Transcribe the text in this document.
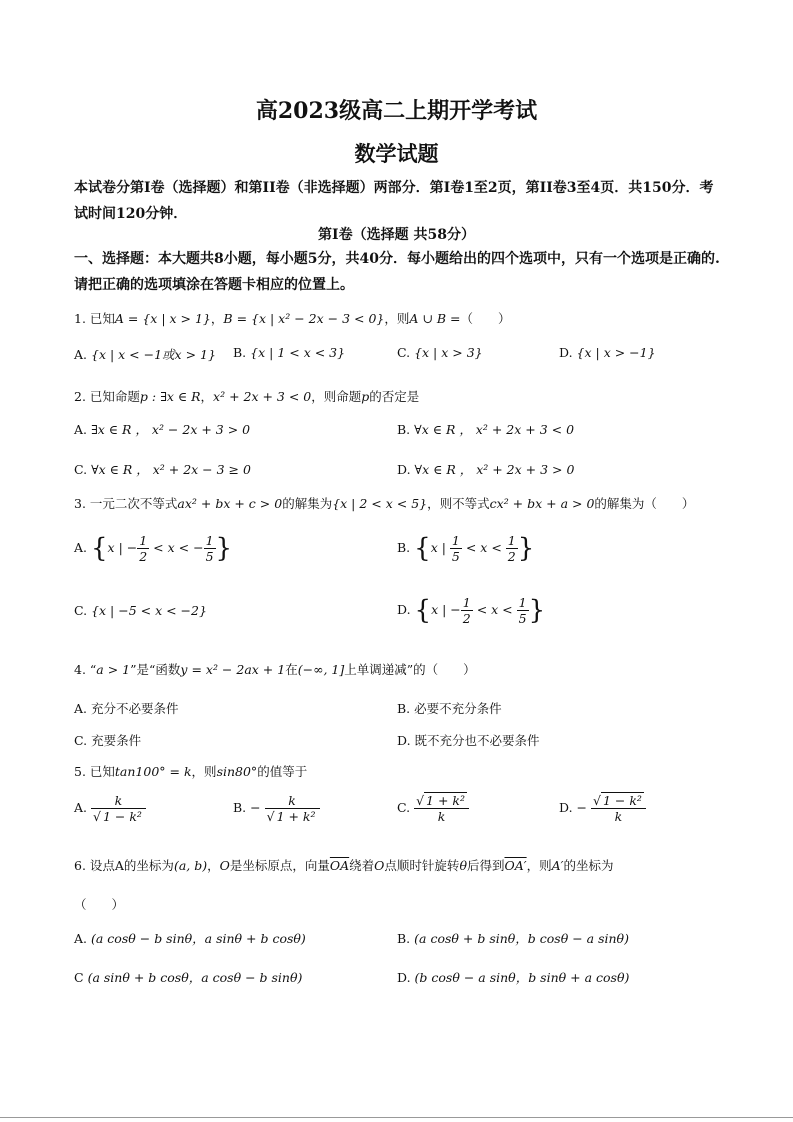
高2023级高二上期开学考试
数学试题
本试卷分第I卷（选择题）和第II卷（非选择题）两部分．第I卷1至2页，第II卷3至4页．共150分．考试时间120分钟．
第I卷（选择题 共58分）
一、选择题：本大题共8小题，每小题5分，共40分．每小题给出的四个选项中，只有一个选项是正确的.请把正确的选项填涂在答题卡相应的位置上。
1. 已知A = {x | x > 1}，B = {x | x² − 2x − 3 < 0}，则A ∪ B =（　　）
A. {x | x < −1或x > 1} B. {x | 1 < x < 3}	C. {x | x > 3}	D. {x | x > −1}
2. 已知命题p : ∃x ∈ R，x² + 2x + 3 < 0，则命题p的否定是
A. ∃x ∈ R ， x² − 2x + 3 > 0	B. ∀x ∈ R ， x² + 2x + 3 < 0
C. ∀x ∈ R ， x² + 2x − 3 ≥ 0	D. ∀x ∈ R ， x² + 2x + 3 > 0
3. 一元二次不等式ax² + bx + c > 0的解集为{x | 2 < x < 5}，则不等式cx² + bx + a > 0的解集为（　　）
A. {x | − $\frac{1}{2} < x$ < − $\frac{1}{5}$ }	B. {x | $\frac{1}{5} < x < \frac{1}{2}$ }
C. {x | −5 < x < −2}	D. {x | − $\frac{1}{2} < x < \frac{1}{5}$ }
4. “a > 1”是“函数y = x² − 2ax + 1在(−∞, 1]上单调递减”的（　　）
A. 充分不必要条件	B. 必要不充分条件
C. 充要条件	D. 既不充分也不必要条件
5. 已知tan100° = k，则sin80°的值等于
A. $\frac{k}{\text{√ 1 − k²}}$	B. − $\frac{k}{\text{√ 1 + k²}}$	C. $\frac{\text{√ 1 + k²}}{k}$	D. − $\frac{\text{√ 1 − k²}}{k}$
6. 设点A的坐标为(a, b)，O是坐标原点，向量$\overline{OA}$绕着O点顺时针旋转θ后得到OA′，则A′的坐标为
（　　）
A. (a cosθ − b sinθ，a sinθ + b cosθ)	B. (a cosθ + b sinθ，b cosθ − a sinθ)
C (a sinθ + b cosθ，a cosθ − b sinθ)	D. (b cosθ − a sinθ，b sinθ + a cosθ)
